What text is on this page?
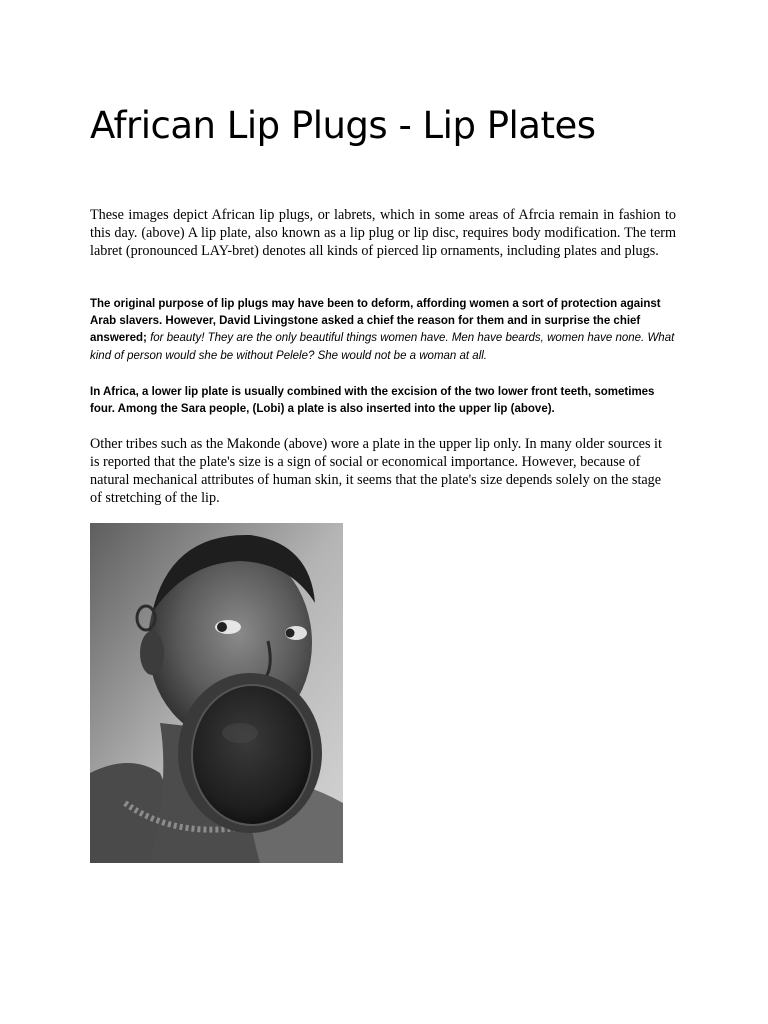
African Lip Plugs - Lip Plates

These images depict African lip plugs, or labrets, which in some areas of Afrcia remain in fashion to this day. (above) A lip plate, also known as a lip plug or lip disc, requires body modification. The term labret (pronounced LAY-bret) denotes all kinds of pierced lip ornaments, including plates and plugs.

The original purpose of lip plugs may have been to deform, affording women a sort of protection against Arab slavers. However, David Livingstone asked a chief the reason for them and in surprise the chief answered; for beauty! They are the only beautiful things women have. Men have beards, women have none. What kind of person would she be without Pelele? She would not be a woman at all.

In Africa, a lower lip plate is usually combined with the excision of the two lower front teeth, sometimes four. Among the Sara people, (Lobi) a plate is also inserted into the upper lip (above).

Other tribes such as the Makonde (above) wore a plate in the upper lip only. In many older sources it is reported that the plate's size is a sign of social or economical importance. However, because of natural mechanical attributes of human skin, it seems that the plate's size depends solely on the stage of stretching of the lip.
